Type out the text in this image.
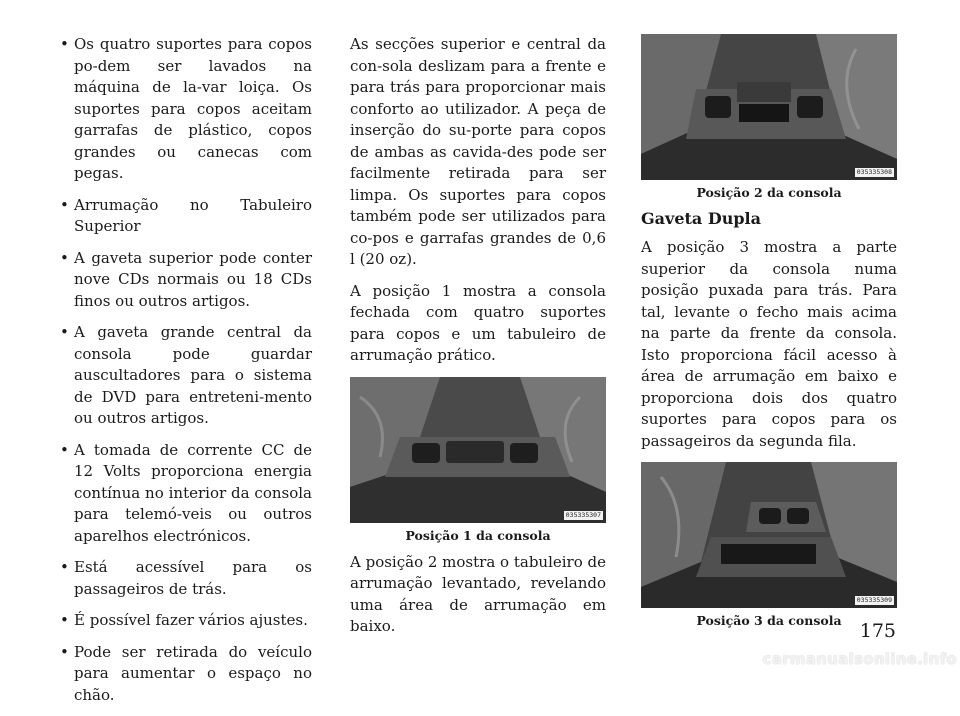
• Os quatro suportes para copos po-dem ser lavados na máquina de la-var loiça. Os suportes para copos aceitam garrafas de plástico, copos grandes ou canecas com pegas.
• Arrumação no Tabuleiro Superior
• A gaveta superior pode conter nove CDs normais ou 18 CDs finos ou outros artigos.
• A gaveta grande central da consola pode guardar auscultadores para o sistema de DVD para entreteni-mento ou outros artigos.
• A tomada de corrente CC de 12 Volts proporciona energia contínua no interior da consola para telemó-veis ou outros aparelhos electrónicos.
• Está acessível para os passageiros de trás.
• É possível fazer vários ajustes.
• Pode ser retirada do veículo para aumentar o espaço no chão.

As secções superior e central da con-sola deslizam para a frente e para trás para proporcionar mais conforto ao utilizador. A peça de inserção do su-porte para copos de ambas as cavida-des pode ser facilmente retirada para ser limpa. Os suportes para copos também pode ser utilizados para co-pos e garrafas grandes de 0,6 l (20 oz).

A posição 1 mostra a consola fechada com quatro suportes para copos e um tabuleiro de arrumação prático.

035335307
Posição 1 da consola

A posição 2 mostra o tabuleiro de arrumação levantado, revelando uma área de arrumação em baixo.

035335308
Posição 2 da consola
Gaveta Dupla

A posição 3 mostra a parte superior da consola numa posição puxada para trás. Para tal, levante o fecho mais acima na parte da frente da consola. Isto proporciona fácil acesso à área de arrumação em baixo e proporciona dois dos quatro suportes para copos para os passageiros da segunda fila.

035335309
Posição 3 da consola 175
carmanualsonline.info
